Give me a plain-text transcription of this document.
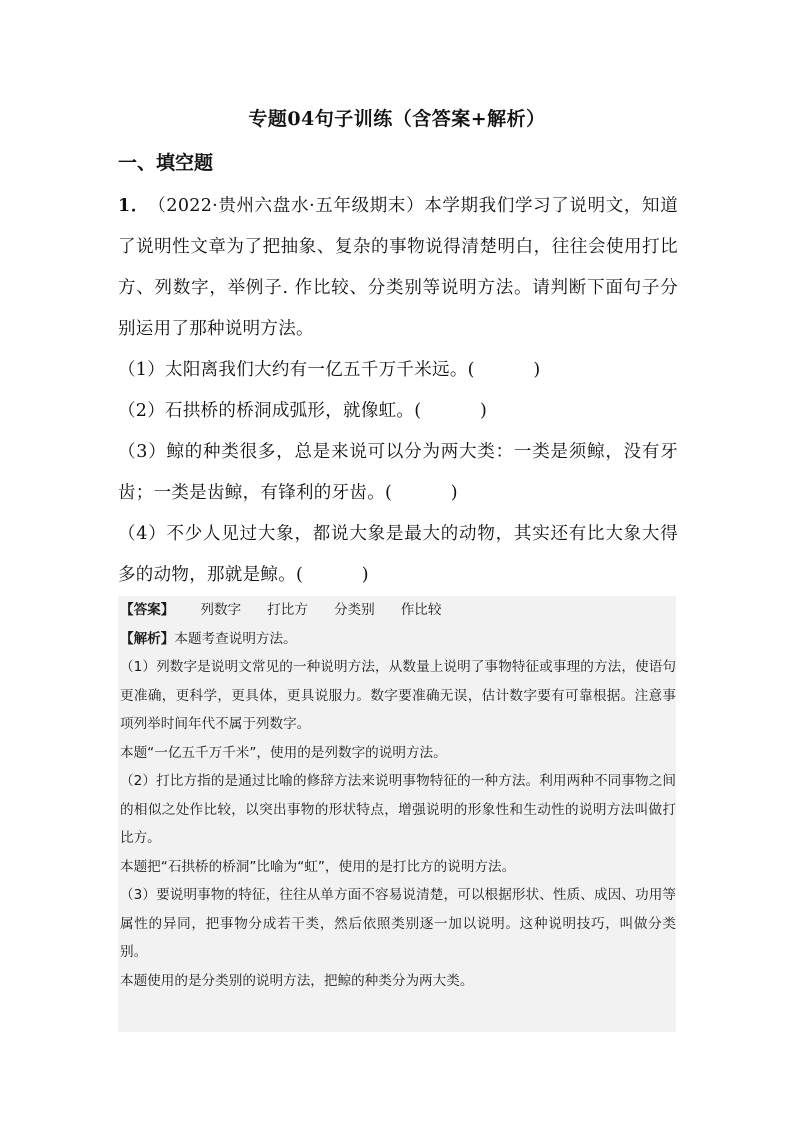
专题04句子训练（含答案+解析）
一、填空题

1． （2022·贵州六盘水·五年级期末）本学期我们学习了说明文，知道了说明性文章为了把抽象、复杂的事物说得清楚明白，往往会使用打比方、列数字，举例子. 作比较、分类别等说明方法。请判断下面句子分别运用了那种说明方法。

（1）太阳离我们大约有一亿五千万千米远。(          )

（2）石拱桥的桥洞成弧形，就像虹。(          )

（3）鲸的种类很多，总是来说可以分为两大类：一类是须鲸，没有牙齿；一类是齿鲸，有锋利的牙齿。(          )

（4）不少人见过大象，都说大象是最大的动物，其实还有比大象大得多的动物，那就是鲸。(          )

【答案】 列数字 打比方 分类别 作比较

【解析】本题考查说明方法。

（1）列数字是说明文常见的一种说明方法，从数量上说明了事物特征或事理的方法，使语句更准确，更科学，更具体，更具说服力。数字要准确无误，估计数字要有可靠根据。注意事项列举时间年代不属于列数字。

本题“一亿五千万千米”，使用的是列数字的说明方法。

（2）打比方指的是通过比喻的修辞方法来说明事物特征的一种方法。利用两种不同事物之间的相似之处作比较，以突出事物的形状特点，增强说明的形象性和生动性的说明方法叫做打比方。

本题把“石拱桥的桥洞”比喻为“虹”，使用的是打比方的说明方法。

（3）要说明事物的特征，往往从单方面不容易说清楚，可以根据形状、性质、成因、功用等属性的异同，把事物分成若干类，然后依照类别逐一加以说明。这种说明技巧，叫做分类别。

本题使用的是分类别的说明方法，把鲸的种类分为两大类。
